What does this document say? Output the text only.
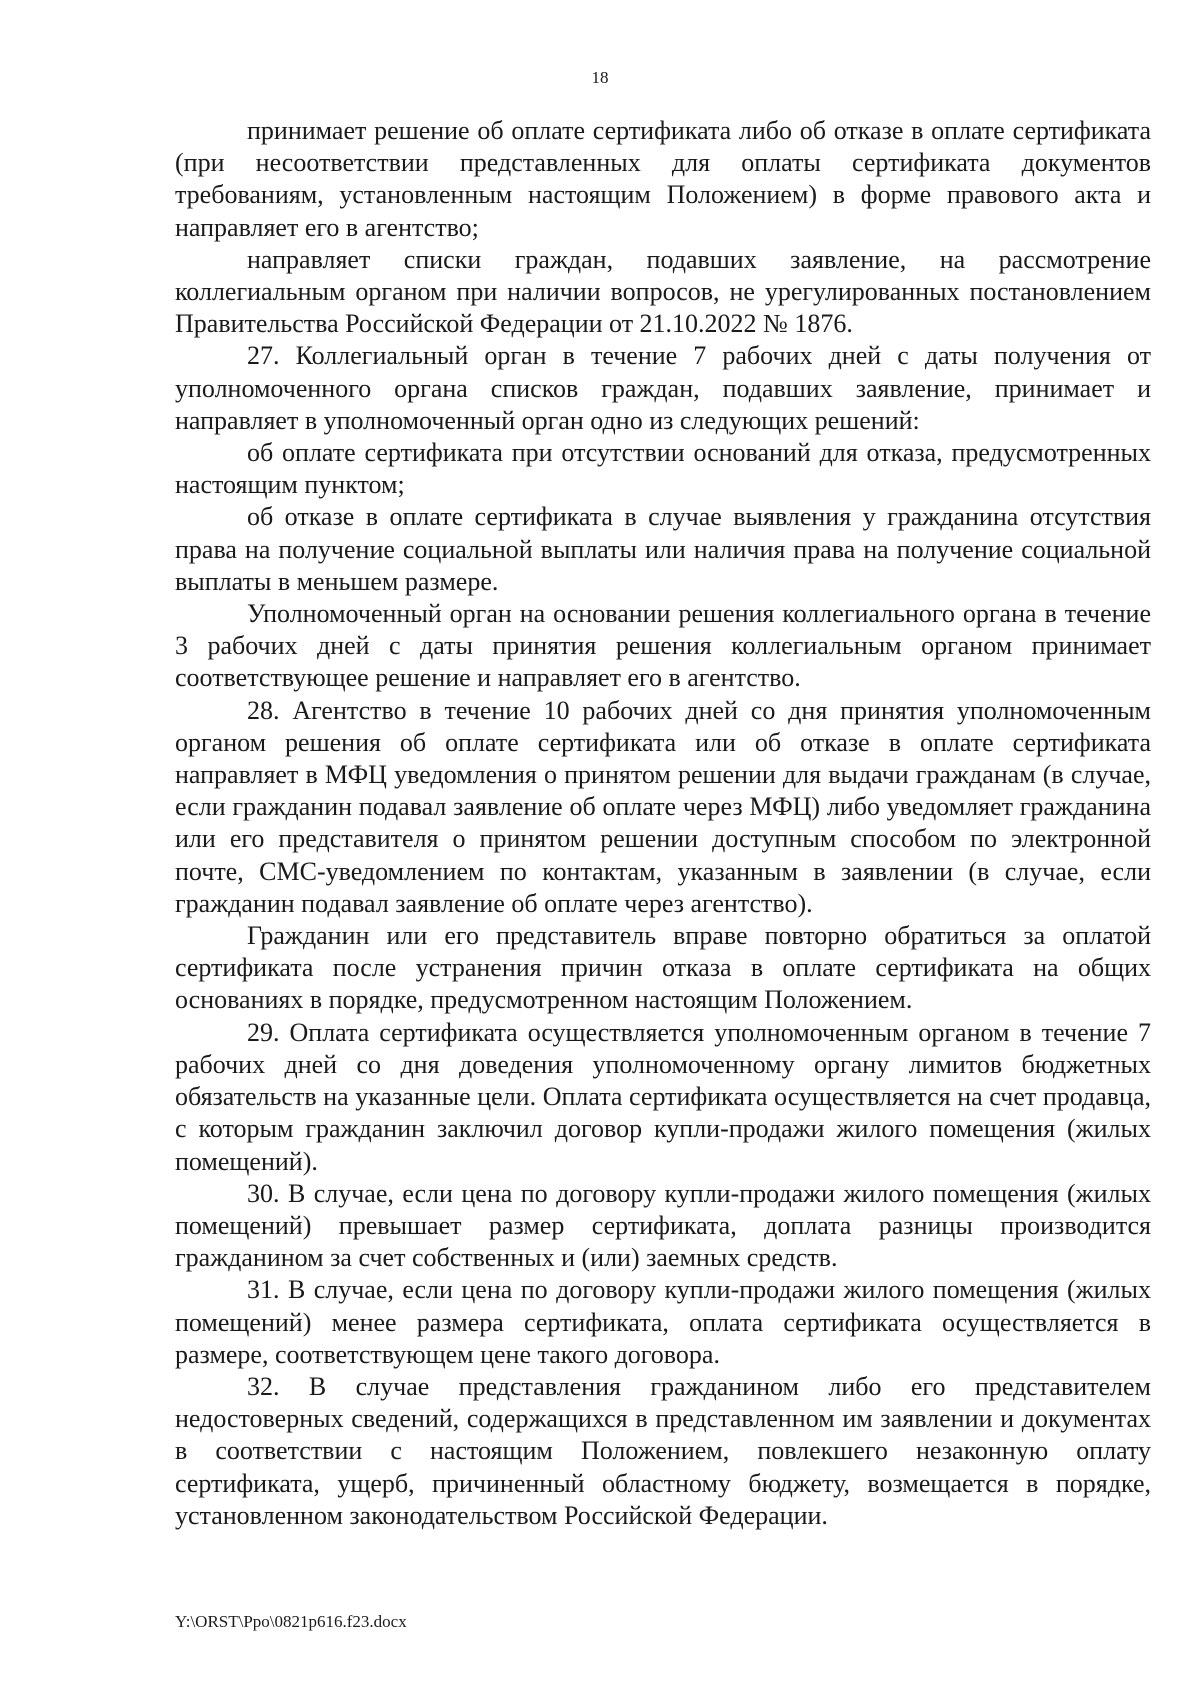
18

принимает решение об оплате сертификата либо об отказе в оплате сертификата (при несоответствии представленных для оплаты сертификата документов требованиям, установленным настоящим Положением) в форме правового акта и направляет его в агентство;

направляет списки граждан, подавших заявление, на рассмотрение коллегиальным органом при наличии вопросов, не урегулированных постановлением Правительства Российской Федерации от 21.10.2022 № 1876.

27. Коллегиальный орган в течение 7 рабочих дней с даты получения от уполномоченного органа списков граждан, подавших заявление, принимает и направляет в уполномоченный орган одно из следующих решений:

об оплате сертификата при отсутствии оснований для отказа, предусмотренных настоящим пунктом;

об отказе в оплате сертификата в случае выявления у гражданина отсутствия права на получение социальной выплаты или наличия права на получение социальной выплаты в меньшем размере.

Уполномоченный орган на основании решения коллегиального органа в течение 3 рабочих дней с даты принятия решения коллегиальным органом принимает соответствующее решение и направляет его в агентство.

28. Агентство в течение 10 рабочих дней со дня принятия уполномоченным органом решения об оплате сертификата или об отказе в оплате сертификата направляет в МФЦ уведомления о принятом решении для выдачи гражданам (в случае, если гражданин подавал заявление об оплате через МФЦ) либо уведомляет гражданина или его представителя о принятом решении доступным способом по электронной почте, СМС-уведомлением по контактам, указанным в заявлении (в случае, если гражданин подавал заявление об оплате через агентство).

Гражданин или его представитель вправе повторно обратиться за оплатой сертификата после устранения причин отказа в оплате сертификата на общих основаниях в порядке, предусмотренном настоящим Положением.

29. Оплата сертификата осуществляется уполномоченным органом в течение 7 рабочих дней со дня доведения уполномоченному органу лимитов бюджетных обязательств на указанные цели. Оплата сертификата осуществляется на счет продавца, с которым гражданин заключил договор купли-продажи жилого помещения (жилых помещений).

30. В случае, если цена по договору купли-продажи жилого помещения (жилых помещений) превышает размер сертификата, доплата разницы производится гражданином за счет собственных и (или) заемных средств.

31. В случае, если цена по договору купли-продажи жилого помещения (жилых помещений) менее размера сертификата, оплата сертификата осуществляется в размере, соответствующем цене такого договора.

32. В случае представления гражданином либо его представителем недостоверных сведений, содержащихся в представленном им заявлении и документах в соответствии с настоящим Положением, повлекшего незаконную оплату сертификата, ущерб, причиненный областному бюджету, возмещается в порядке, установленном законодательством Российской Федерации.

Y:\ORST\Ppo\0821p616.f23.docx
